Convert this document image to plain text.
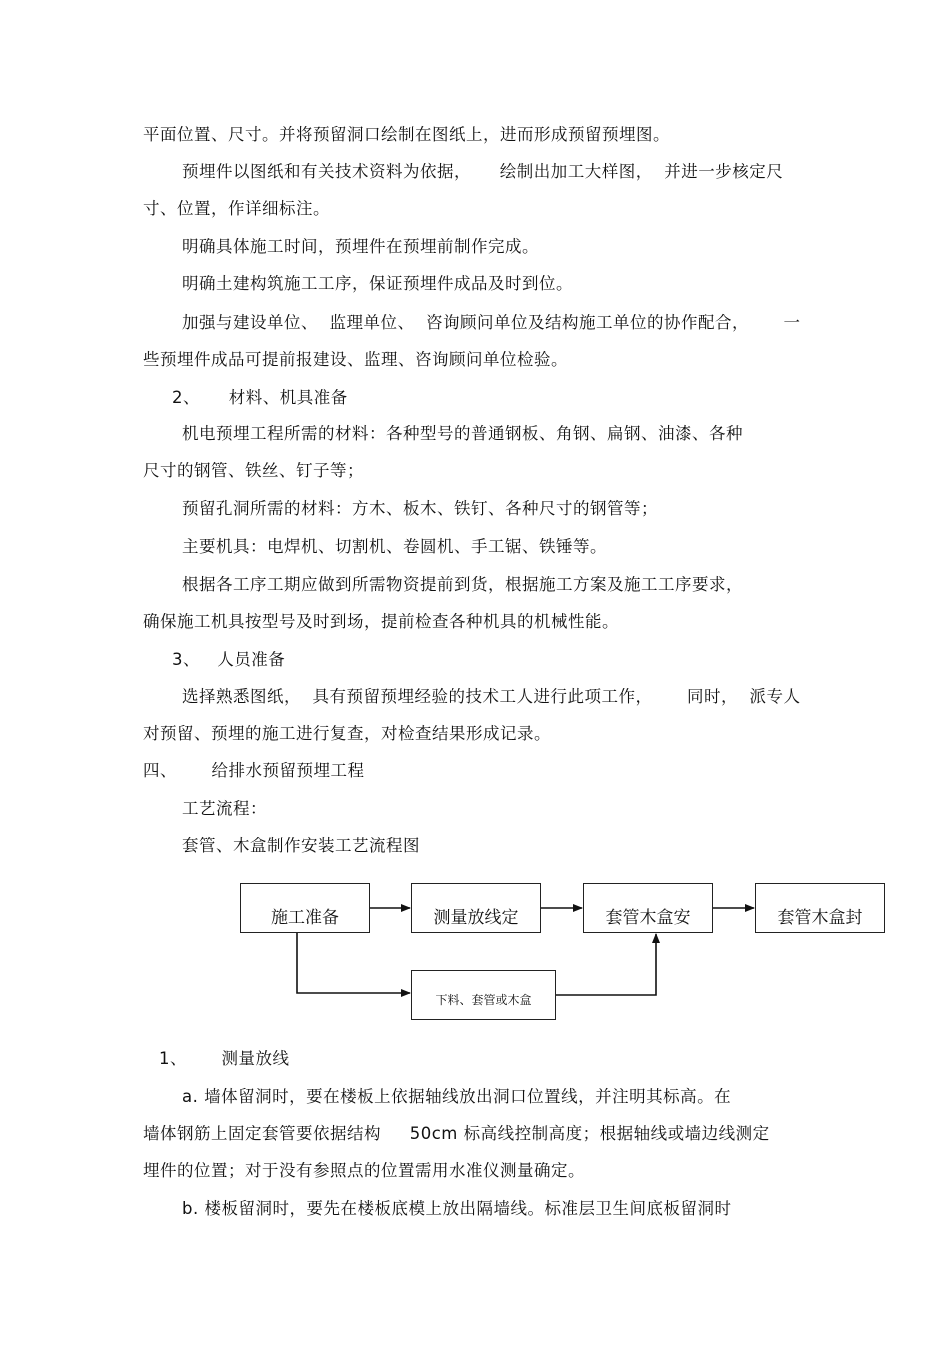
平面位置、尺寸。并将预留洞口绘制在图纸上，进而形成预留预埋图。
预埋件以图纸和有关技术资料为依据，     绘制出加工大样图，  并进一步核定尺
寸、位置，作详细标注。
明确具体施工时间，预埋件在预埋前制作完成。
明确土建构筑施工工序，保证预埋件成品及时到位。
加强与建设单位、  监理单位、  咨询顾问单位及结构施工单位的协作配合，      一
些预埋件成品可提前报建设、监理、咨询顾问单位检验。
2、     材料、机具准备
机电预埋工程所需的材料：各种型号的普通钢板、角钢、扁钢、油漆、各种
尺寸的钢管、铁丝、钉子等；
预留孔洞所需的材料：方木、板木、铁钉、各种尺寸的钢管等；
主要机具：电焊机、切割机、卷圆机、手工锯、铁锤等。
根据各工序工期应做到所需物资提前到货，根据施工方案及施工工序要求，
确保施工机具按型号及时到场，提前检查各种机具的机械性能。
3、   人员准备
选择熟悉图纸，  具有预留预埋经验的技术工人进行此项工作，      同时，  派专人
对预留、预埋的施工进行复查，对检查结果形成记录。
四、      给排水预留预埋工程
工艺流程：
套管、木盒制作安装工艺流程图
施工准备	测量放线定	套管木盒安	套管木盒封
下料、套管或木盒
1、      测量放线
a. 墙体留洞时，要在楼板上依据轴线放出洞口位置线，并注明其标高。在
墙体钢筋上固定套管要依据结构     50cm 标高线控制高度；根据轴线或墙边线测定
埋件的位置；对于没有参照点的位置需用水准仪测量确定。
b. 楼板留洞时，要先在楼板底模上放出隔墙线。标准层卫生间底板留洞时
